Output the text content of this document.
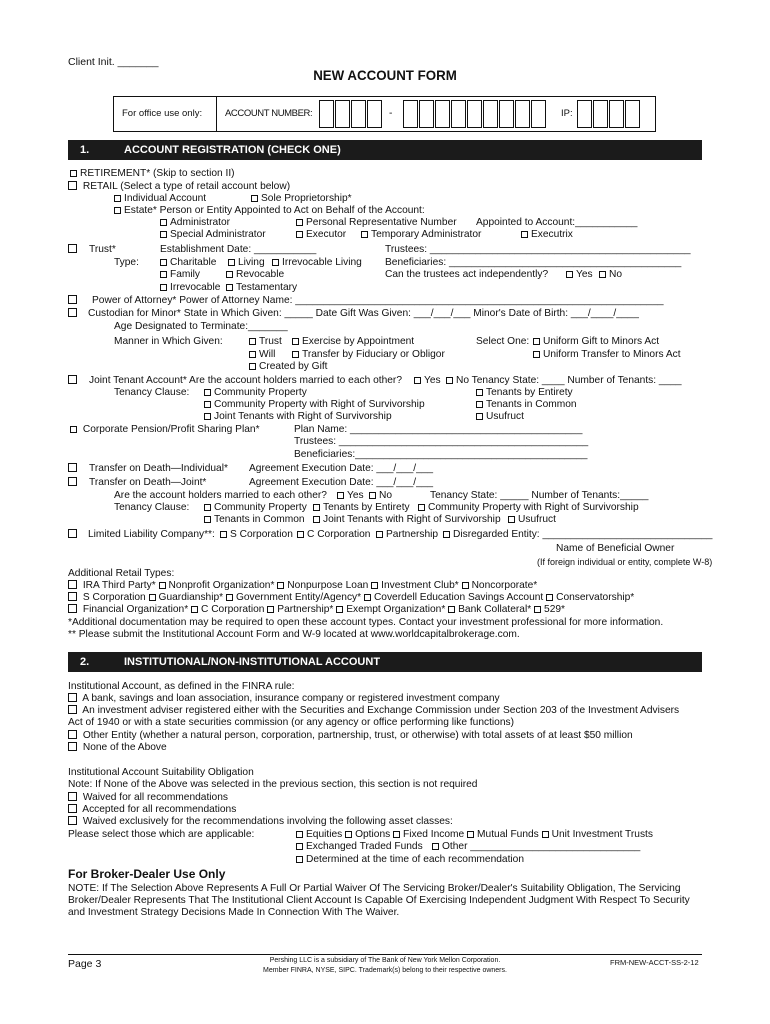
Client Init. _______
NEW ACCOUNT FORM
For office use only: ACCOUNT NUMBER:	-	IP:
1.	ACCOUNT REGISTRATION (CHECK ONE)
RETIREMENT* (Skip to section II)
RETAIL (Select a type of retail account below)
Individual Account	Sole Proprietorship*
Estate* Person or Entity Appointed to Act on Behalf of the Account:
Administrator	Personal Representative Number Appointed to Account:___________
Special Administrator	Executor	Temporary Administrator	Executrix
Trust*	Establishment Date: ___________	Trustees: ______________________________________________
Type:	Charitable	Living	Irrevocable Living Beneficiaries: _________________________________________
Family	Revocable	Can the trustees act independently?	Yes	No
Irrevocable	Testamentary
Power of Attorney* Power of Attorney Name: _________________________________________________________________
Custodian for Minor* State in Which Given: _____ Date Gift Was Given: ___/___/___ Minor's Date of Birth: ___/____/____
Age Designated to Terminate:_______
Manner in Which Given:	Trust	Exercise by Appointment	Select One:	Uniform Gift to Minors Act
Will	Transfer by Fiduciary or Obligor	Uniform Transfer to Minors Act
Created by Gift
Joint Tenant Account* Are the account holders married to each other?	Yes	No Tenancy State: ____ Number of Tenants: ____
Tenancy Clause:	Community Property	Tenants by Entirety
Community Property with Right of Survivorship	Tenants in Common
Joint Tenants with Right of Survivorship	Usufruct
Corporate Pension/Profit Sharing Plan*	Plan Name: _________________________________________
Trustees: ____________________________________________
Beneficiaries:_________________________________________
Transfer on Death—Individual* Agreement Execution Date: ___/___/___
Transfer on Death—Joint*	Agreement Execution Date: ___/___/___
Are the account holders married to each other?	Yes	No	Tenancy State: _____ Number of Tenants:_____
Tenancy Clause:	Community Property	Tenants by Entirety	Community Property with Right of Survivorship
Tenants in Common	Joint Tenants with Right of Survivorship	Usufruct
Limited Liability Company**:	S Corporation	C Corporation	Partnership	Disregarded Entity: ______________________________
Name of Beneficial Owner
(If foreign individual or entity, complete W-8)
Additional Retail Types:
IRA Third Party* Nonprofit Organization* Nonpurpose Loan Investment Club* Noncorporate*
S Corporation Guardianship* Government Entity/Agency* Coverdell Education Savings Account Conservatorship*
Financial Organization* C Corporation Partnership* Exempt Organization* Bank Collateral* 529*
*Additional documentation may be required to open these account types. Contact your investment professional for more information.
** Please submit the Institutional Account Form and W-9 located at www.worldcapitalbrokerage.com.
2.	INSTITUTIONAL/NON-INSTITUTIONAL ACCOUNT
Institutional Account, as defined in the FINRA rule:
A bank, savings and loan association, insurance company or registered investment company
An investment adviser registered either with the Securities and Exchange Commission under Section 203 of the Investment Advisers
Act of 1940 or with a state securities commission (or any agency or office performing like functions)
Other Entity (whether a natural person, corporation, partnership, trust, or otherwise) with total assets of at least $50 million
None of the Above
Institutional Account Suitability Obligation
Note: If None of the Above was selected in the previous section, this section is not required
Waived for all recommendations
Accepted for all recommendations
Waived exclusively for the recommendations involving the following asset classes:
Please select those which are applicable:	Equities Options Fixed Income Mutual Funds Unit Investment Trusts
Exchanged Traded Funds	Other ______________________________
Determined at the time of each recommendation
For Broker-Dealer Use Only
NOTE: If The Selection Above Represents A Full Or Partial Waiver Of The Servicing Broker/Dealer's Suitability Obligation, The Servicing
Broker/Dealer Represents That The Institutional Client Account Is Capable Of Exercising Independent Judgment With Respect To Security
and Investment Strategy Decisions Made In Connection With The Waiver.
Page 3	Pershing LLC is a subsidiary of The Bank of New York Mellon Corporation.
Member FINRA, NYSE, SIPC. Trademark(s) belong to their respective owners.
FRM-NEW-ACCT-SS-2-12
